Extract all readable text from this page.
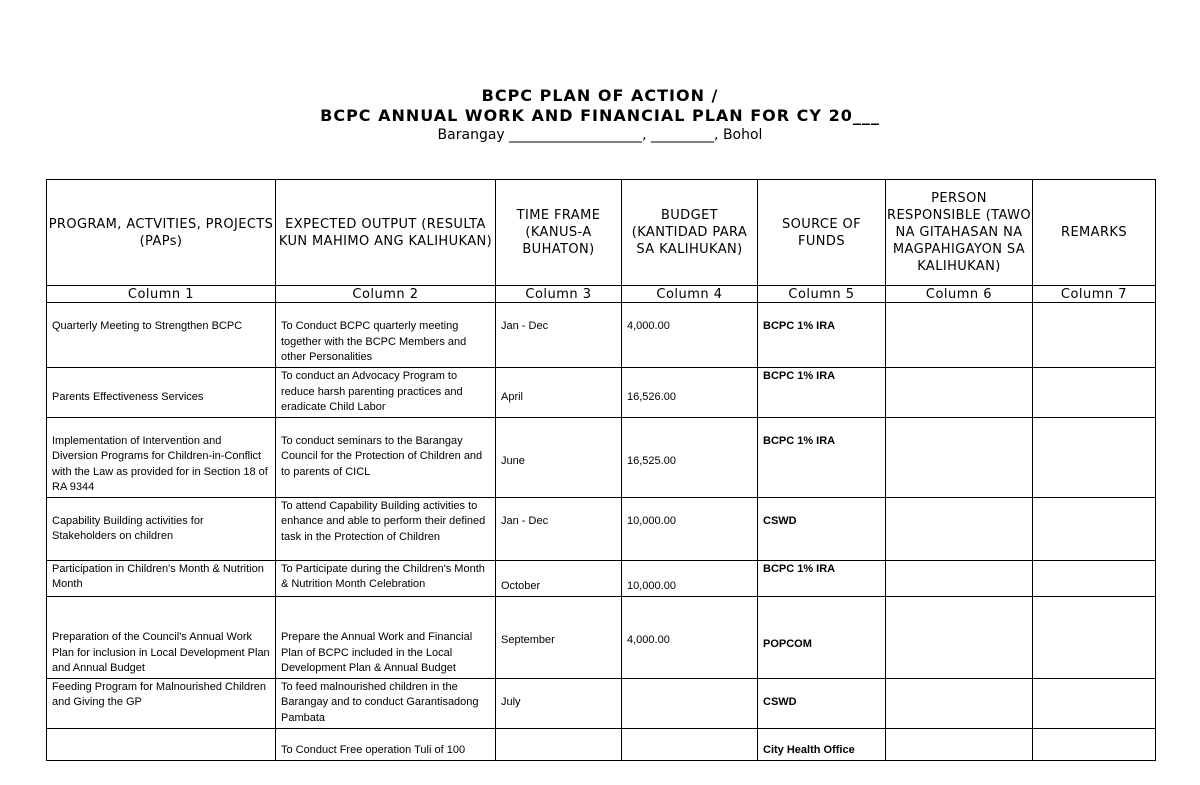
BCPC PLAN OF ACTION /
BCPC ANNUAL WORK AND FINANCIAL PLAN FOR CY 20___
Barangay ___________________, _________, Bohol
PROGRAM, ACTVITIES, PROJECTS (PAPs)	EXPECTED OUTPUT (RESULTA KUN MAHIMO ANG KALIHUKAN)	TIME FRAME (KANUS-A BUHATON)	BUDGET (KANTIDAD PARA SA KALIHUKAN)	SOURCE OF FUNDS	PERSON RESPONSIBLE (TAWO NA GITAHASAN NA MAGPAHIGAYON SA KALIHUKAN)	REMARKS
Column 1	Column 2	Column 3	Column 4	Column 5	Column 6	Column 7
Quarterly Meeting to Strengthen BCPC	To Conduct BCPC quarterly meeting together with the BCPC Members and other Personalities	Jan - Dec	4,000.00	BCPC 1% IRA		
Parents Effectiveness Services	To conduct an Advocacy Program to reduce harsh parenting practices and eradicate Child Labor	April	16,526.00	BCPC 1% IRA		
Implementation of Intervention and Diversion Programs for Children-in-Conflict with the Law as provided for in Section 18 of RA 9344	To conduct seminars to the Barangay Council for the Protection of Children and to parents of CICL	June	16,525.00	BCPC 1% IRA		
Capability Building activities for Stakeholders on children	To attend Capability Building activities to enhance and able to perform their defined task in the Protection of Children	Jan - Dec	10,000.00	CSWD		
Participation in Children's Month & Nutrition Month	To Participate during the Children's Month & Nutrition Month Celebration	October	10,000.00	BCPC 1% IRA		
Preparation of the Council's Annual Work Plan for inclusion in Local Development Plan and Annual Budget	Prepare the Annual Work and Financial Plan of BCPC included in the Local Development Plan & Annual Budget	September	4,000.00	POPCOM		
Feeding Program for Malnourished Children and Giving the GP	To feed malnourished children in the Barangay and to conduct Garantisadong Pambata	July		CSWD		
	To Conduct Free operation Tuli of 100			City Health Office		
